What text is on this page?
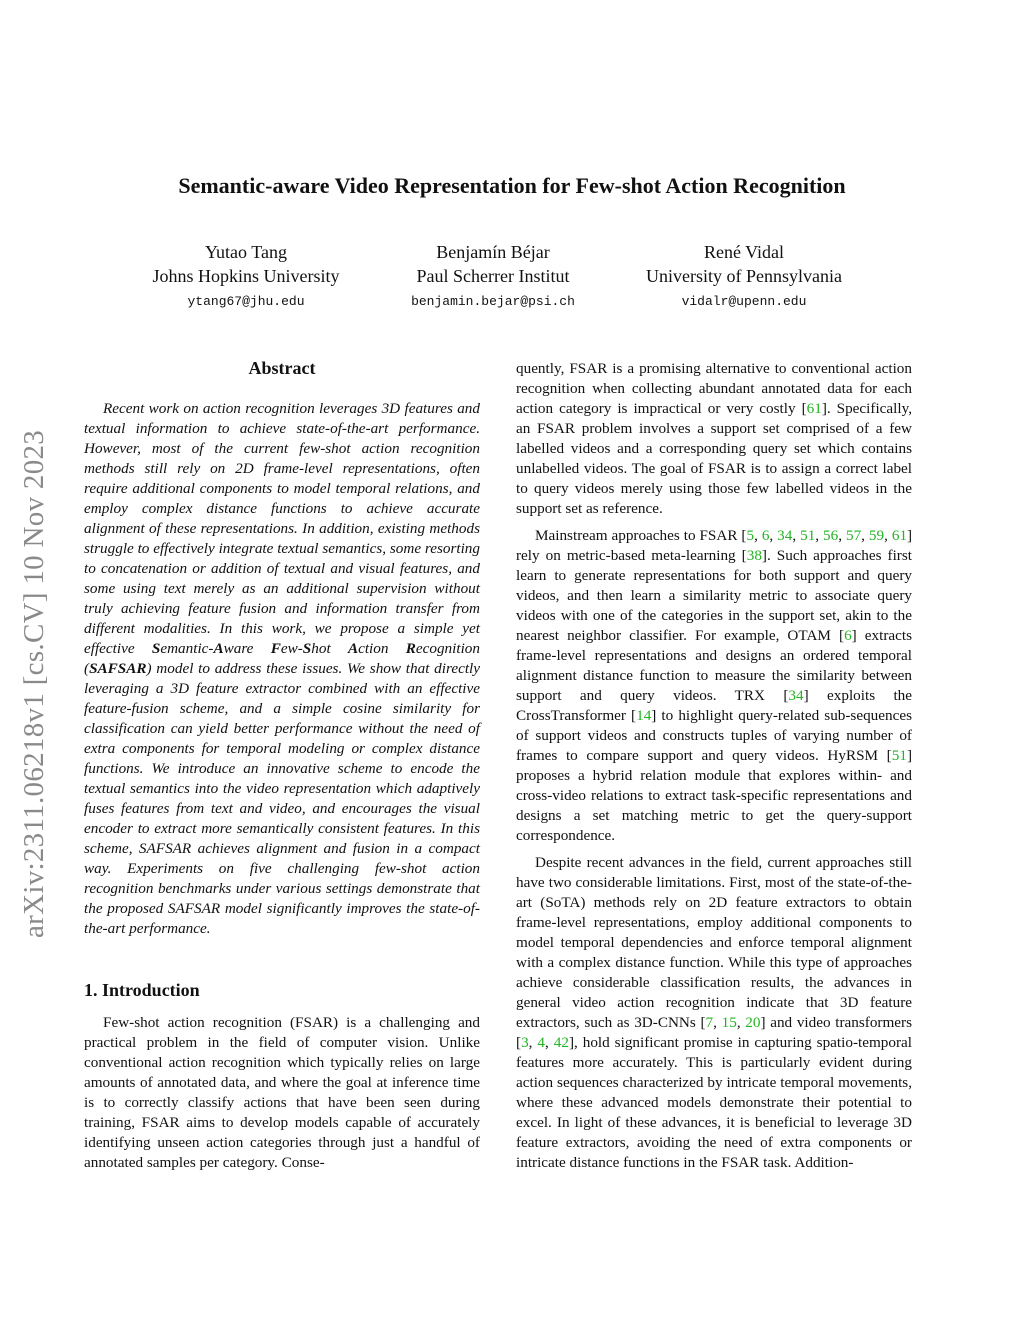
arXiv:2311.06218v1 [cs.CV] 10 Nov 2023
Semantic-aware Video Representation for Few-shot Action Recognition
Yutao Tang
Johns Hopkins University
ytang67@jhu.edu
Benjamín Béjar
Paul Scherrer Institut
benjamin.bejar@psi.ch
René Vidal
University of Pennsylvania
vidalr@upenn.edu
Abstract

Recent work on action recognition leverages 3D features and textual information to achieve state-of-the-art performance. However, most of the current few-shot action recognition methods still rely on 2D frame-level representations, often require additional components to model temporal relations, and employ complex distance functions to achieve accurate alignment of these representations. In addition, existing methods struggle to effectively integrate textual semantics, some resorting to concatenation or addition of textual and visual features, and some using text merely as an additional supervision without truly achieving feature fusion and information transfer from different modalities. In this work, we propose a simple yet effective Semantic-Aware Few-Shot Action Recognition (SAFSAR) model to address these issues. We show that directly leveraging a 3D feature extractor combined with an effective feature-fusion scheme, and a simple cosine similarity for classification can yield better performance without the need of extra components for temporal modeling or complex distance functions. We introduce an innovative scheme to encode the textual semantics into the video representation which adaptively fuses features from text and video, and encourages the visual encoder to extract more semantically consistent features. In this scheme, SAFSAR achieves alignment and fusion in a compact way. Experiments on five challenging few-shot action recognition benchmarks under various settings demonstrate that the proposed SAFSAR model significantly improves the state-of-the-art performance.

1. Introduction

Few-shot action recognition (FSAR) is a challenging and practical problem in the field of computer vision. Unlike conventional action recognition which typically relies on large amounts of annotated data, and where the goal at inference time is to correctly classify actions that have been seen during training, FSAR aims to develop models capable of accurately identifying unseen action categories through just a handful of annotated samples per category. Conse-

quently, FSAR is a promising alternative to conventional action recognition when collecting abundant annotated data for each action category is impractical or very costly [61]. Specifically, an FSAR problem involves a support set comprised of a few labelled videos and a corresponding query set which contains unlabelled videos. The goal of FSAR is to assign a correct label to query videos merely using those few labelled videos in the support set as reference.

Mainstream approaches to FSAR [5, 6, 34, 51, 56, 57, 59, 61] rely on metric-based meta-learning [38]. Such approaches first learn to generate representations for both support and query videos, and then learn a similarity metric to associate query videos with one of the categories in the support set, akin to the nearest neighbor classifier. For example, OTAM [6] extracts frame-level representations and designs an ordered temporal alignment distance function to measure the similarity between support and query videos. TRX [34] exploits the CrossTransformer [14] to highlight query-related sub-sequences of support videos and constructs tuples of varying number of frames to compare support and query videos. HyRSM [51] proposes a hybrid relation module that explores within- and cross-video relations to extract task-specific representations and designs a set matching metric to get the query-support correspondence.

Despite recent advances in the field, current approaches still have two considerable limitations. First, most of the state-of-the-art (SoTA) methods rely on 2D feature extractors to obtain frame-level representations, employ additional components to model temporal dependencies and enforce temporal alignment with a complex distance function. While this type of approaches achieve considerable classification results, the advances in general video action recognition indicate that 3D feature extractors, such as 3D-CNNs [7, 15, 20] and video transformers [3, 4, 42], hold significant promise in capturing spatio-temporal features more accurately. This is particularly evident during action sequences characterized by intricate temporal movements, where these advanced models demonstrate their potential to excel. In light of these advances, it is beneficial to leverage 3D feature extractors, avoiding the need of extra components or intricate distance functions in the FSAR task. Addition-
